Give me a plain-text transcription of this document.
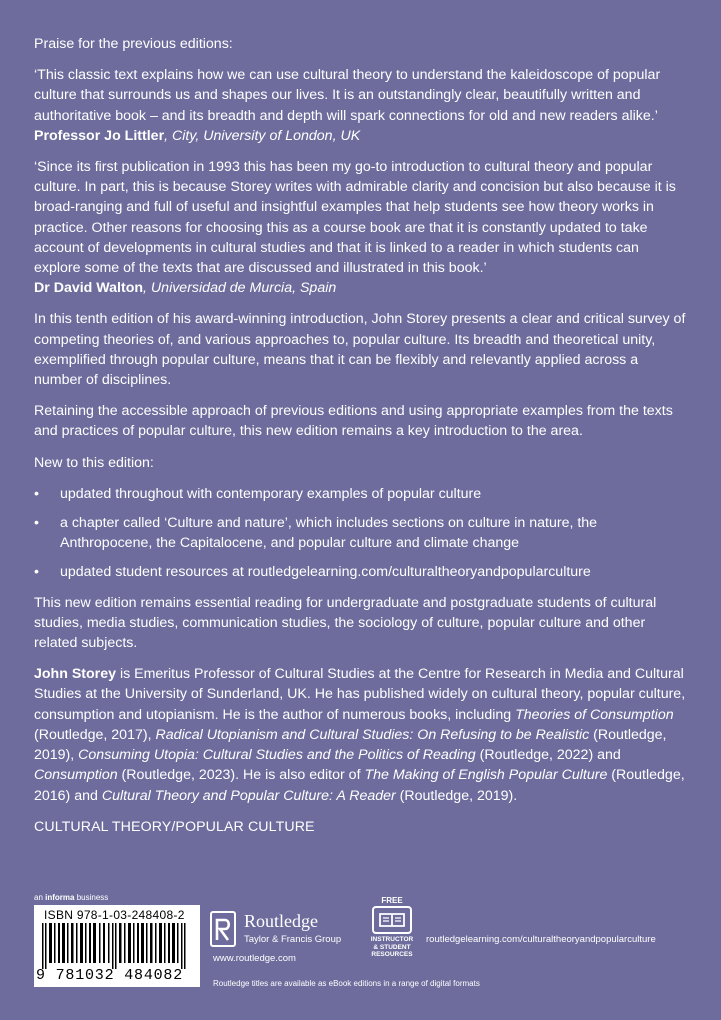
Praise for the previous editions:

‘This classic text explains how we can use cultural theory to understand the kaleidoscope of popular culture that surrounds us and shapes our lives. It is an outstandingly clear, beautifully written and authoritative book – and its breadth and depth will spark connections for old and new readers alike.’

Professor Jo Littler, City, University of London, UK

‘Since its first publication in 1993 this has been my go-to introduction to cultural theory and popular culture. In part, this is because Storey writes with admirable clarity and concision but also because it is broad-ranging and full of useful and insightful examples that help students see how theory works in practice. Other reasons for choosing this as a course book are that it is constantly updated to take account of developments in cultural studies and that it is linked to a reader in which students can explore some of the texts that are discussed and illustrated in this book.’

Dr David Walton, Universidad de Murcia, Spain

In this tenth edition of his award-winning introduction, John Storey presents a clear and critical survey of competing theories of, and various approaches to, popular culture. Its breadth and theoretical unity, exemplified through popular culture, means that it can be flexibly and relevantly applied across a number of disciplines.

Retaining the accessible approach of previous editions and using appropriate examples from the texts and practices of popular culture, this new edition remains a key introduction to the area.

New to this edition:

• updated throughout with contemporary examples of popular culture
• a chapter called ‘Culture and nature’, which includes sections on culture in nature, the Anthropocene, the Capitalocene, and popular culture and climate change
• updated student resources at routledgelearning.com/culturaltheoryandpopularculture

This new edition remains essential reading for undergraduate and postgraduate students of cultural studies, media studies, communication studies, the sociology of culture, popular culture and other related subjects.

John Storey is Emeritus Professor of Cultural Studies at the Centre for Research in Media and Cultural Studies at the University of Sunderland, UK. He has published widely on cultural theory, popular culture, consumption and utopianism. He is the author of numerous books, including Theories of Consumption (Routledge, 2017), Radical Utopianism and Cultural Studies: On Refusing to be Realistic (Routledge, 2019), Consuming Utopia: Cultural Studies and the Politics of Reading (Routledge, 2022) and Consumption (Routledge, 2023). He is also editor of The Making of English Popular Culture (Routledge, 2016) and Cultural Theory and Popular Culture: A Reader (Routledge, 2019).

CULTURAL THEORY/POPULAR CULTURE

an informa business
ISBN 978-1-03-248408-2
9 781032 484082
Routledge
Taylor & Francis Group
www.routledge.com
FREE
INSTRUCTOR
& STUDENT
RESOURCES
routledgelearning.com/culturaltheoryandpopularculture
Routledge titles are available as eBook editions in a range of digital formats
